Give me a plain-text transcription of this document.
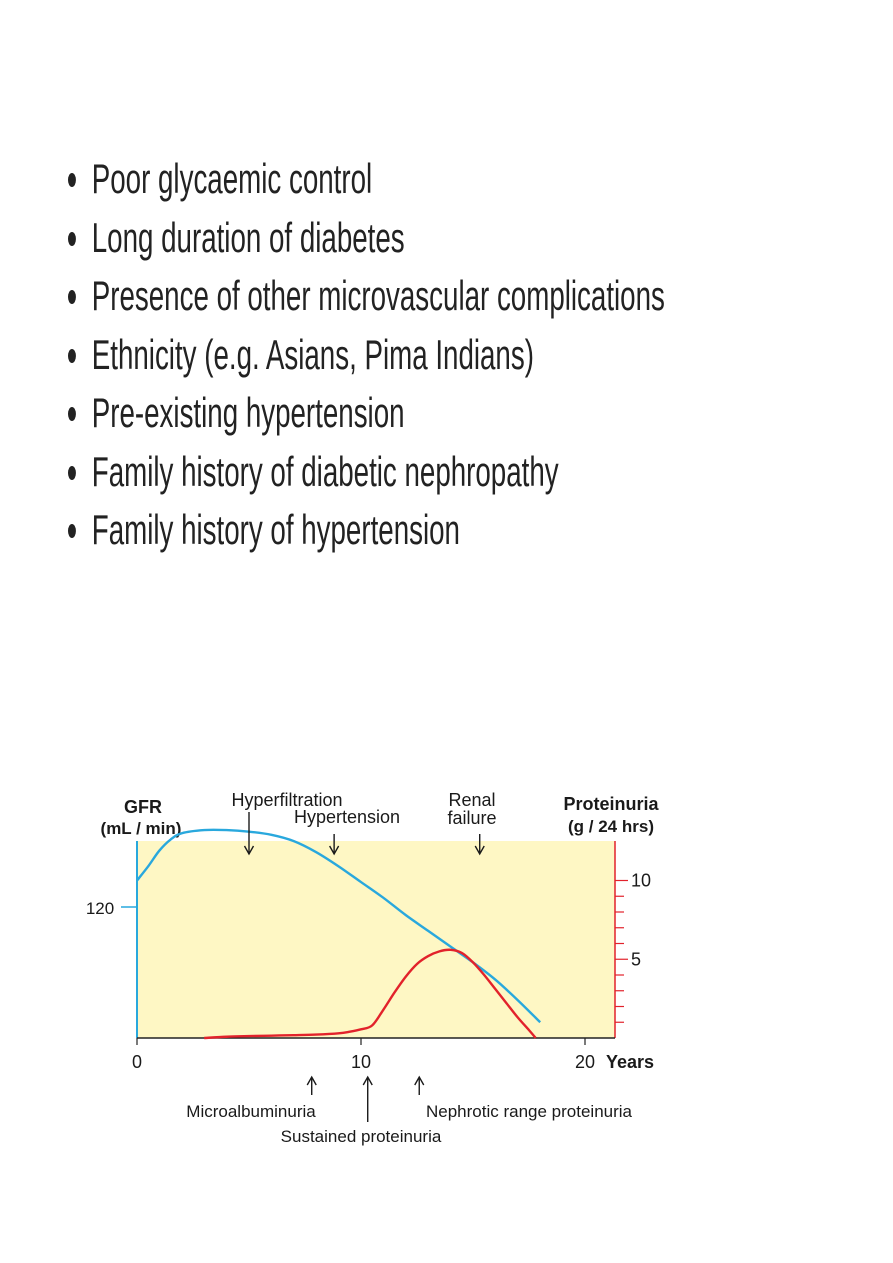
Poor glycaemic control
Long duration of diabetes
Presence of other microvascular complications
Ethnicity (e.g. Asians, Pima Indians)
Pre-existing hypertension
Family history of diabetic nephropathy
Family history of hypertension
GFR
(mL / min)
120
Proteinuria
(g / 24 hrs)
0	10	20 Years
Hyperfiltration
Hypertension
Renal
failure
Microalbuminuria
Sustained proteinuria
Nephrotic range proteinuria
5
10
